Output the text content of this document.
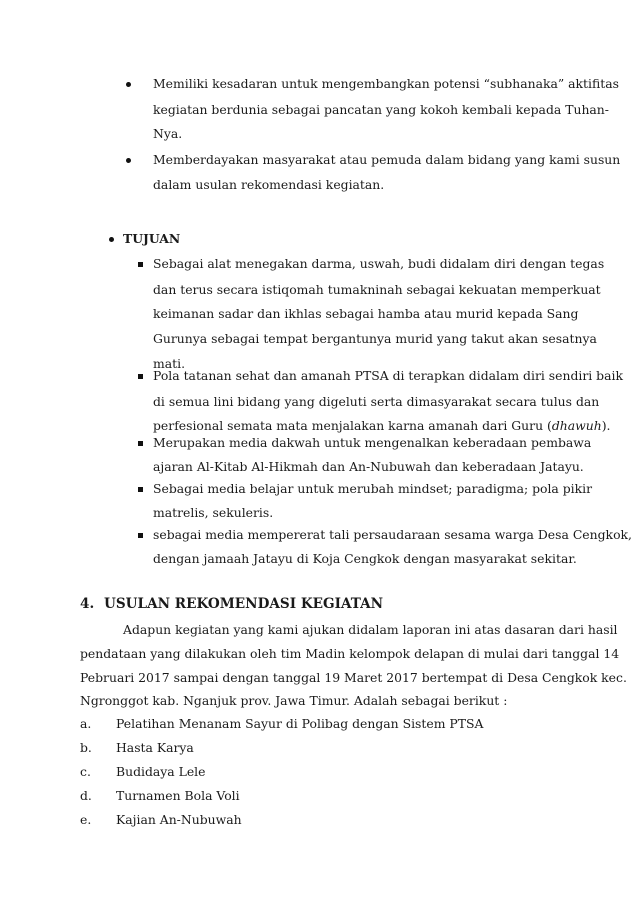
Memiliki kesadaran untuk mengembangkan potensi “subhanaka” aktifitas
kegiatan berdunia sebagai pancatan yang kokoh kembali kepada Tuhan-
Nya.
Memberdayakan masyarakat atau pemuda dalam bidang yang kami susun
dalam usulan rekomendasi kegiatan.
TUJUAN
Sebagai alat menegakan darma, uswah, budi didalam diri dengan tegas
dan terus secara istiqomah tumakninah sebagai kekuatan memperkuat
keimanan sadar dan ikhlas sebagai hamba atau murid kepada Sang
Gurunya sebagai tempat bergantunya murid yang takut akan sesatnya
mati.
Pola tatanan sehat dan amanah PTSA di terapkan didalam diri sendiri baik
di semua lini bidang yang digeluti serta dimasyarakat secara tulus dan
perfesional semata mata menjalakan karna amanah dari Guru (dhawuh).
Merupakan media dakwah untuk mengenalkan keberadaan pembawa
ajaran Al-Kitab Al-Hikmah dan An-Nubuwah dan keberadaan Jatayu.
Sebagai media belajar untuk merubah mindset; paradigma; pola pikir
matrelis, sekuleris.
sebagai media mempererat tali persaudaraan sesama warga Desa Cengkok,
dengan jamaah Jatayu di Koja Cengkok dengan masyarakat sekitar.
4. USULAN REKOMENDASI KEGIATAN
Adapun kegiatan yang kami ajukan didalam laporan ini atas dasaran dari hasil
pendataan yang dilakukan oleh tim Madin kelompok delapan di mulai dari tanggal 14
Pebruari 2017 sampai dengan tanggal 19 Maret 2017 bertempat di Desa Cengkok kec.
Ngronggot kab. Nganjuk prov. Jawa Timur. Adalah sebagai berikut :
a. Pelatihan Menanam Sayur di Polibag dengan Sistem PTSA
b. Hasta Karya
c. Budidaya Lele
d. Turnamen Bola Voli
e. Kajian An-Nubuwah
